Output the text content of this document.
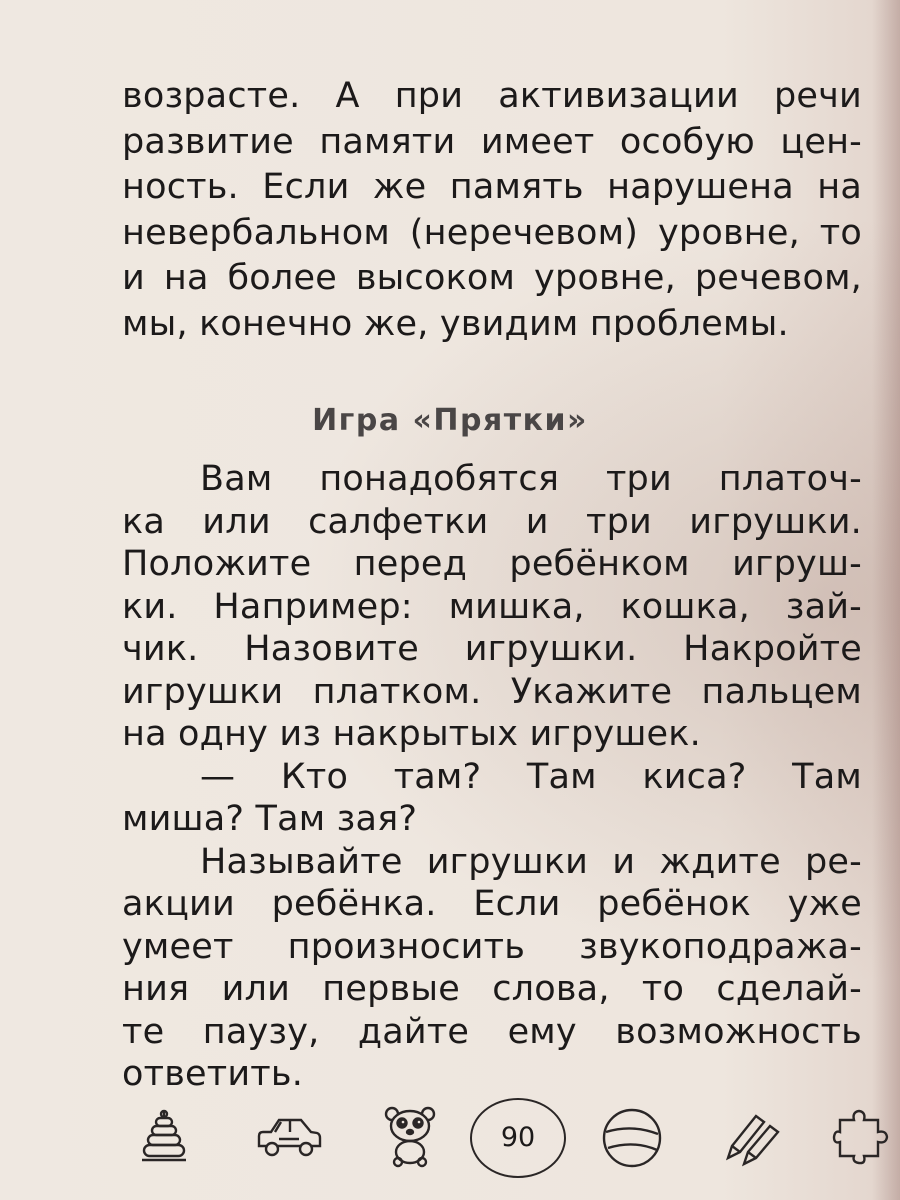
возрасте. А при активизации речи
развитие памяти имеет особую цен-
ность. Если же память нарушена на
невербальном (неречевом) уровне, то
и на более высоком уровне, речевом,
мы, конечно же, увидим проблемы.
Игра «Прятки»
Вам понадобятся три платоч-
ка или салфетки и три игрушки.
Положите перед ребёнком игруш-
ки. Например: мишка, кошка, зай-
чик. Назовите игрушки. Накройте
игрушки платком. Укажите пальцем
на одну из накрытых игрушек.
— Кто там? Там киса? Там
миша? Там зая?
Называйте игрушки и ждите ре-
акции ребёнка. Если ребёнок уже
умеет произносить звукоподража-
ния или первые слова, то сделай-
те паузу, дайте ему возможность
ответить.
90
